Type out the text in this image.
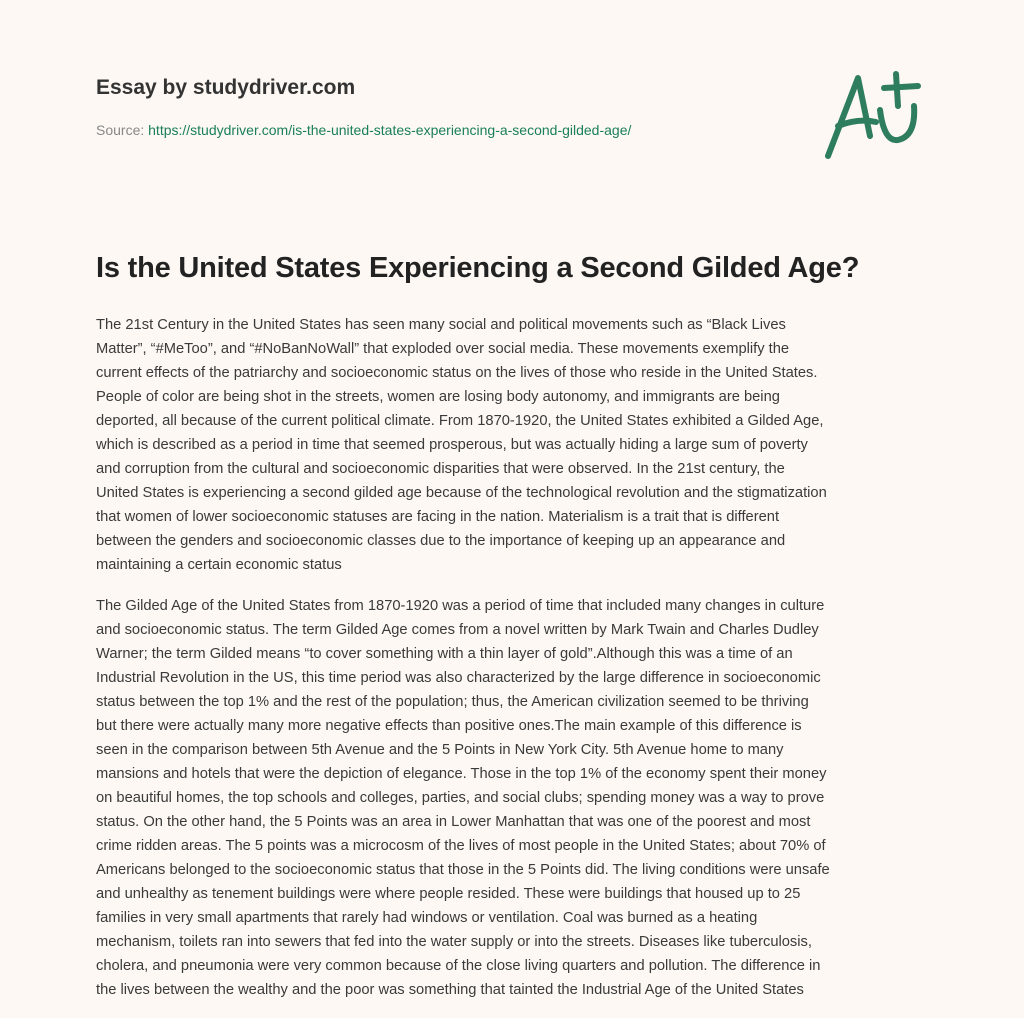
Essay by studydriver.com
Source: https://studydriver.com/is-the-united-states-experiencing-a-second-gilded-age/
Is the United States Experiencing a Second Gilded Age?
The 21st Century in the United States has seen many social and political movements such as “Black Lives
Matter”, “#MeToo”, and “#NoBanNoWall” that exploded over social media. These movements exemplify the
current effects of the patriarchy and socioeconomic status on the lives of those who reside in the United States.
People of color are being shot in the streets, women are losing body autonomy, and immigrants are being
deported, all because of the current political climate. From 1870-1920, the United States exhibited a Gilded Age,
which is described as a period in time that seemed prosperous, but was actually hiding a large sum of poverty
and corruption from the cultural and socioeconomic disparities that were observed. In the 21st century, the
United States is experiencing a second gilded age because of the technological revolution and the stigmatization
that women of lower socioeconomic statuses are facing in the nation. Materialism is a trait that is different
between the genders and socioeconomic classes due to the importance of keeping up an appearance and
maintaining a certain economic status
The Gilded Age of the United States from 1870-1920 was a period of time that included many changes in culture
and socioeconomic status. The term Gilded Age comes from a novel written by Mark Twain and Charles Dudley
Warner; the term Gilded means “to cover something with a thin layer of gold”.Although this was a time of an
Industrial Revolution in the US, this time period was also characterized by the large difference in socioeconomic
status between the top 1% and the rest of the population; thus, the American civilization seemed to be thriving
but there were actually many more negative effects than positive ones.The main example of this difference is
seen in the comparison between 5th Avenue and the 5 Points in New York City. 5th Avenue home to many
mansions and hotels that were the depiction of elegance. Those in the top 1% of the economy spent their money
on beautiful homes, the top schools and colleges, parties, and social clubs; spending money was a way to prove
status. On the other hand, the 5 Points was an area in Lower Manhattan that was one of the poorest and most
crime ridden areas. The 5 points was a microcosm of the lives of most people in the United States; about 70% of
Americans belonged to the socioeconomic status that those in the 5 Points did. The living conditions were unsafe
and unhealthy as tenement buildings were where people resided. These were buildings that housed up to 25
families in very small apartments that rarely had windows or ventilation. Coal was burned as a heating
mechanism, toilets ran into sewers that fed into the water supply or into the streets. Diseases like tuberculosis,
cholera, and pneumonia were very common because of the close living quarters and pollution. The difference in
the lives between the wealthy and the poor was something that tainted the Industrial Age of the United States
